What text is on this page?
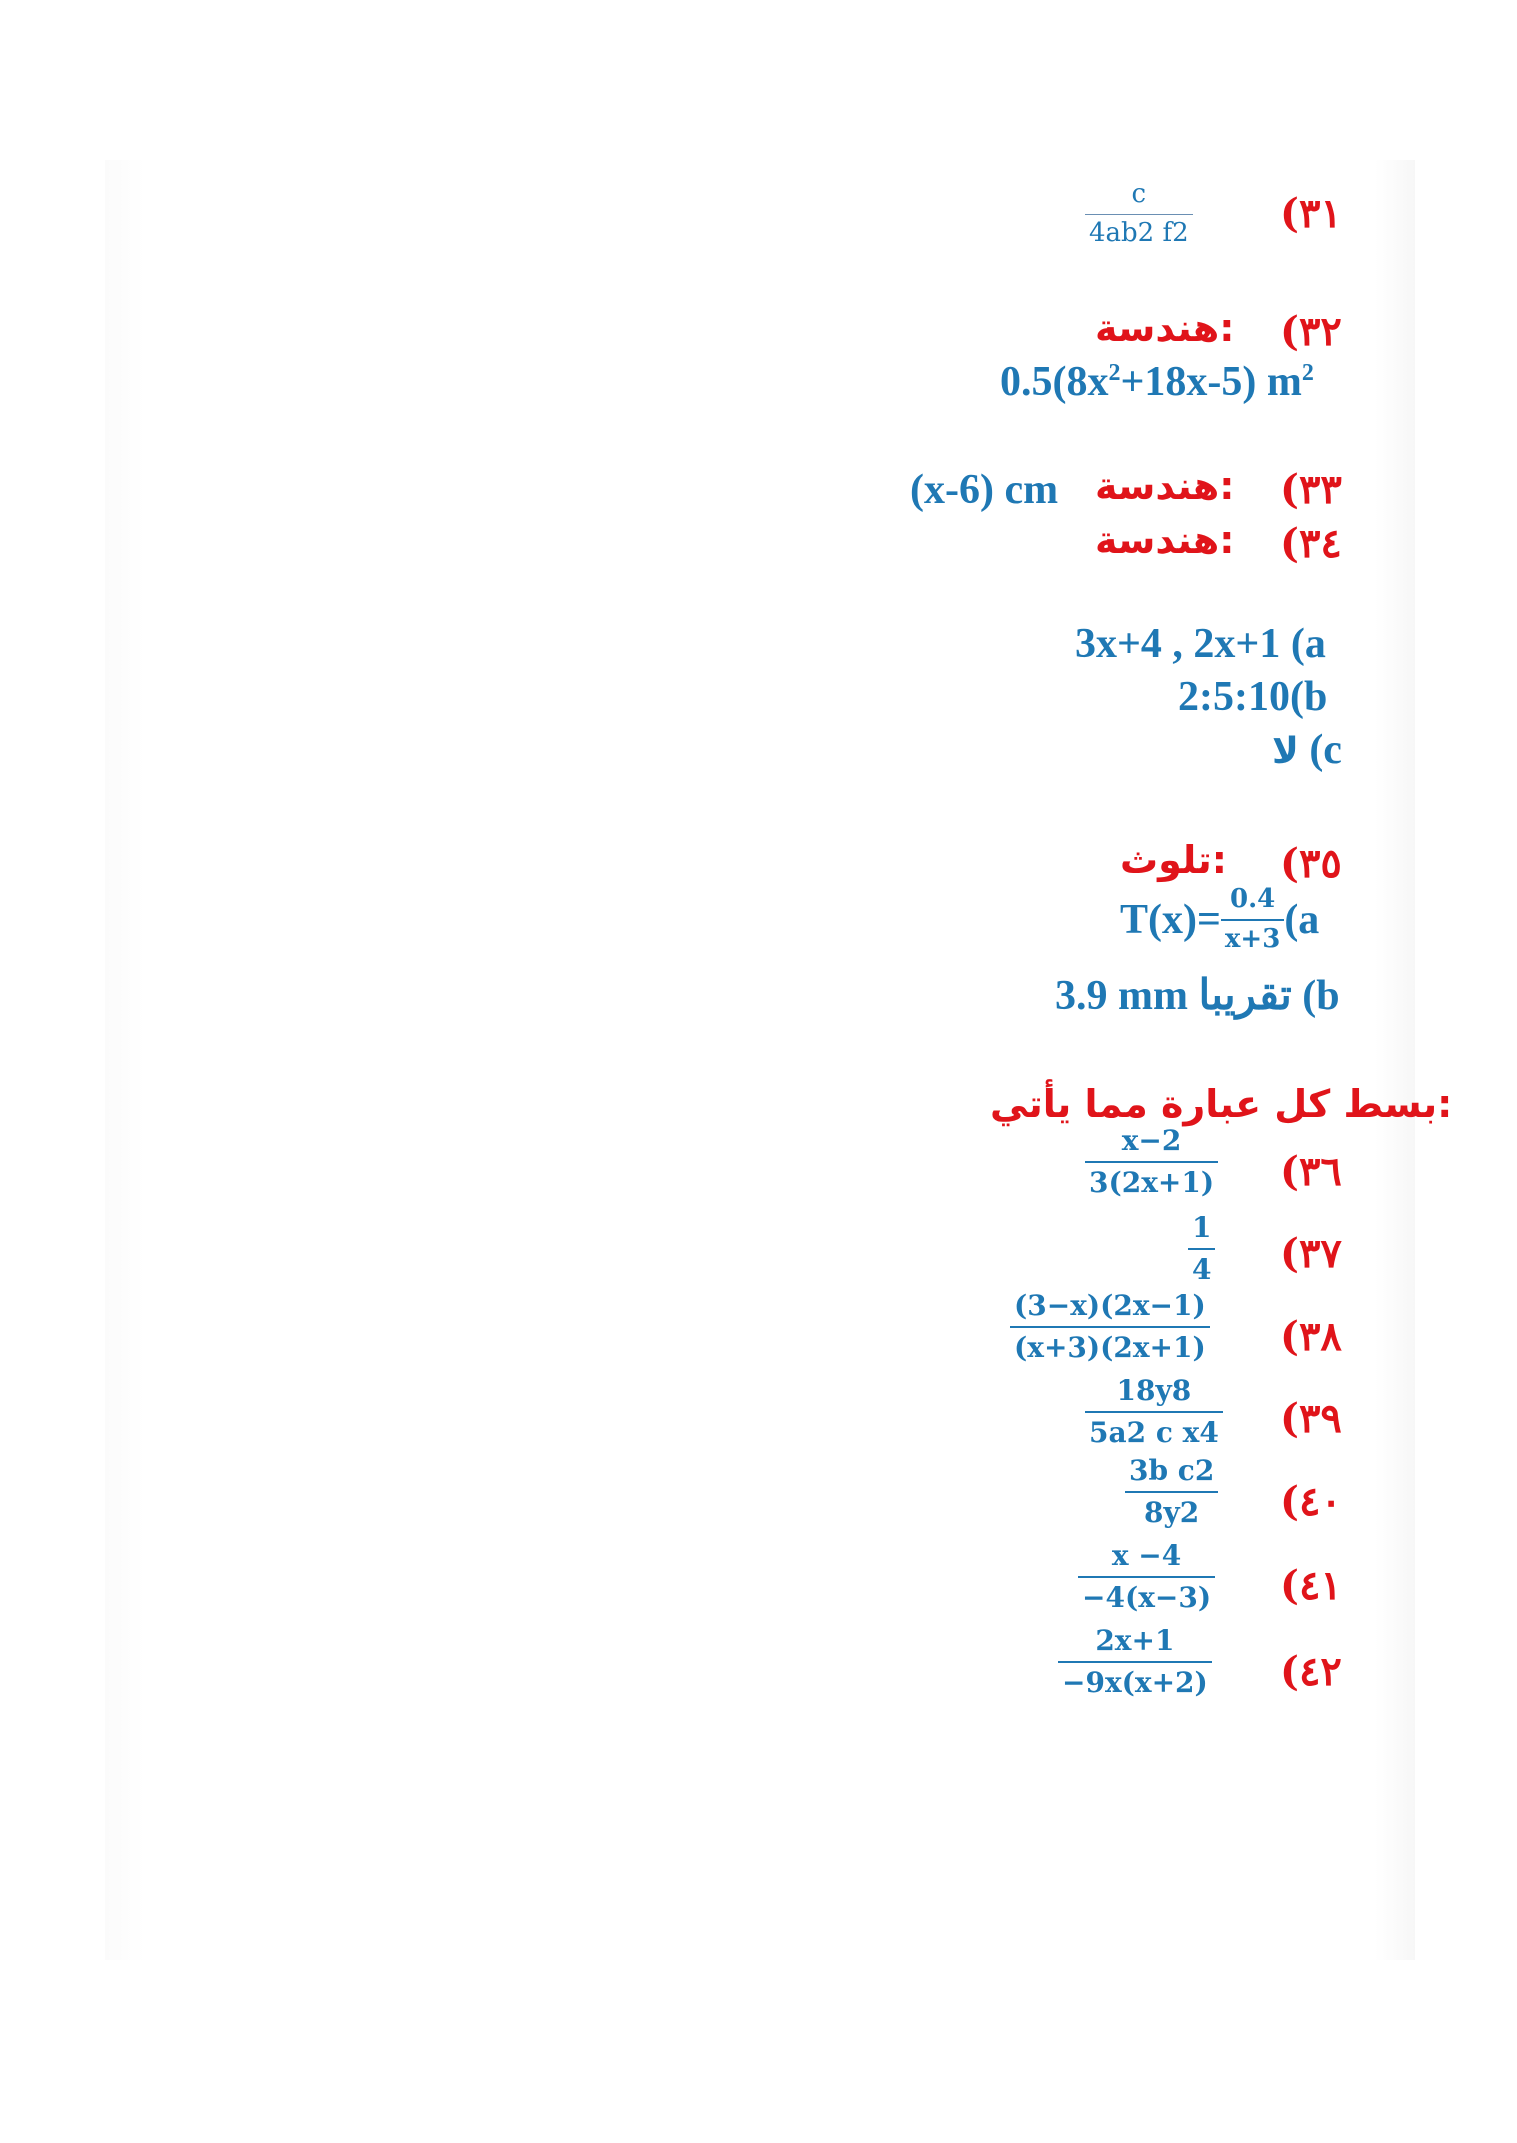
(٣١
c
4ab2 f2
(٣٢
هندسة:
$0.5(8x^2+18x-5)$ $m^2$
(٣٣
هندسة:
(x-6) cm
(٣٤
هندسة:
3x+4 , 2x+1 (a
2:5:10(b
لا (c
(٣٥
تلوث:
$T(x)= \frac{0.4}{x+3} (a$
3.9 mm تقريبا (b
بسط كل عبارة مما يأتي:
(٣٦
x−2
3(2x+1)
(٣٧
1
4
(٣٨
(3−x)(2x−1)
(x+3)(2x+1)
(٣٩
18y8
5a2 c x4
(٤٠
3b c2
8y2
(٤١
x −4
−4(x−3)
(٤٢
2x+1
−9x(x+2)
